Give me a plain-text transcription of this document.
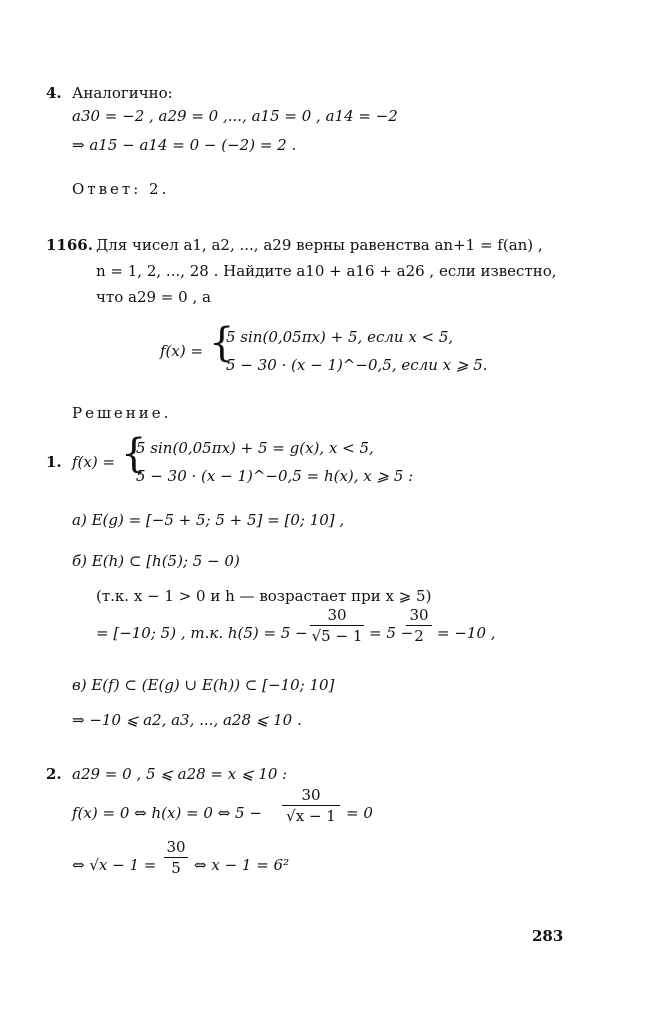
4. Аналогично:
a30 = −2 , a29 = 0 ,..., a15 = 0 , a14 = −2
⇒ a15 − a14 = 0 − (−2) = 2 .
Ответ: 2.
1166. Для чисел a1, a2, ..., a29 верны равенства an+1 = f(an) ,
n = 1, 2, ..., 28 . Найдите a10 + a16 + a26 , если известно,
что a29 = 0 , а
f(x) = {
5 sin(0,05πx) + 5, если x < 5,
5 − 30 · (x − 1)^−0,5, если x ⩾ 5.
Решение.
1. f(x) = {
5 sin(0,05πx) + 5 = g(x), x < 5,
5 − 30 · (x − 1)^−0,5 = h(x), x ⩾ 5 :
а) E(g) = [−5 + 5; 5 + 5] = [0; 10] ,
б) E(h) ⊂ [h(5); 5 − 0)
(т.к. x − 1 > 0 и h — возрастает при x ⩾ 5)
= [−10; 5) , т.к. h(5) = 5 −
30
√5 − 1 = 5 −
30
2 = −10 ,
в) E(f) ⊂ (E(g) ∪ E(h)) ⊂ [−10; 10]
⇒ −10 ⩽ a2, a3, ..., a28 ⩽ 10 .
2. a29 = 0 , 5 ⩽ a28 = x ⩽ 10 :
f(x) = 0 ⇔ h(x) = 0 ⇔ 5 −
30
√x − 1 = 0
⇔ √x − 1 =
30
5 ⇔ x − 1 = 6²
283
